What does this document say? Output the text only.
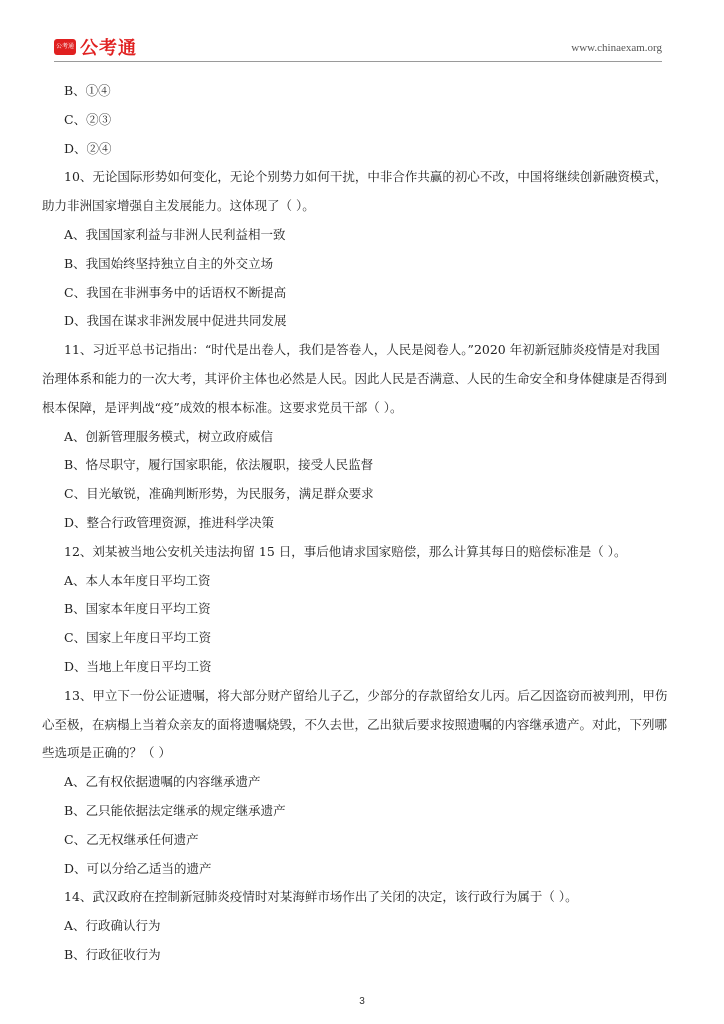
公考通 公考通	www.chinaexam.org
B、①④
C、②③
D、②④
10、无论国际形势如何变化，无论个别势力如何干扰，中非合作共赢的初心不改，中国将继续创新融资模式，
助力非洲国家增强自主发展能力。这体现了（ ）。
A、我国国家利益与非洲人民利益相一致
B、我国始终坚持独立自主的外交立场
C、我国在非洲事务中的话语权不断提高
D、我国在谋求非洲发展中促进共同发展
11、习近平总书记指出：“时代是出卷人，我们是答卷人，人民是阅卷人。”2020 年初新冠肺炎疫情是对我国
治理体系和能力的一次大考，其评价主体也必然是人民。因此人民是否满意、人民的生命安全和身体健康是否得到
根本保障，是评判战“疫”成效的根本标准。这要求党员干部（ ）。
A、创新管理服务模式，树立政府威信
B、恪尽职守，履行国家职能，依法履职，接受人民监督
C、目光敏锐，准确判断形势，为民服务，满足群众要求
D、整合行政管理资源，推进科学决策
12、刘某被当地公安机关违法拘留 15 日，事后他请求国家赔偿，那么计算其每日的赔偿标准是（ ）。
A、本人本年度日平均工资
B、国家本年度日平均工资
C、国家上年度日平均工资
D、当地上年度日平均工资
13、甲立下一份公证遗嘱，将大部分财产留给儿子乙，少部分的存款留给女儿丙。后乙因盗窃而被判刑，甲伤
心至极，在病榻上当着众亲友的面将遗嘱烧毁，不久去世，乙出狱后要求按照遗嘱的内容继承遗产。对此，下列哪
些选项是正确的？（ ）
A、乙有权依据遗嘱的内容继承遗产
B、乙只能依据法定继承的规定继承遗产
C、乙无权继承任何遗产
D、可以分给乙适当的遗产
14、武汉政府在控制新冠肺炎疫情时对某海鲜市场作出了关闭的决定，该行政行为属于（ ）。
A、行政确认行为
B、行政征收行为
3
